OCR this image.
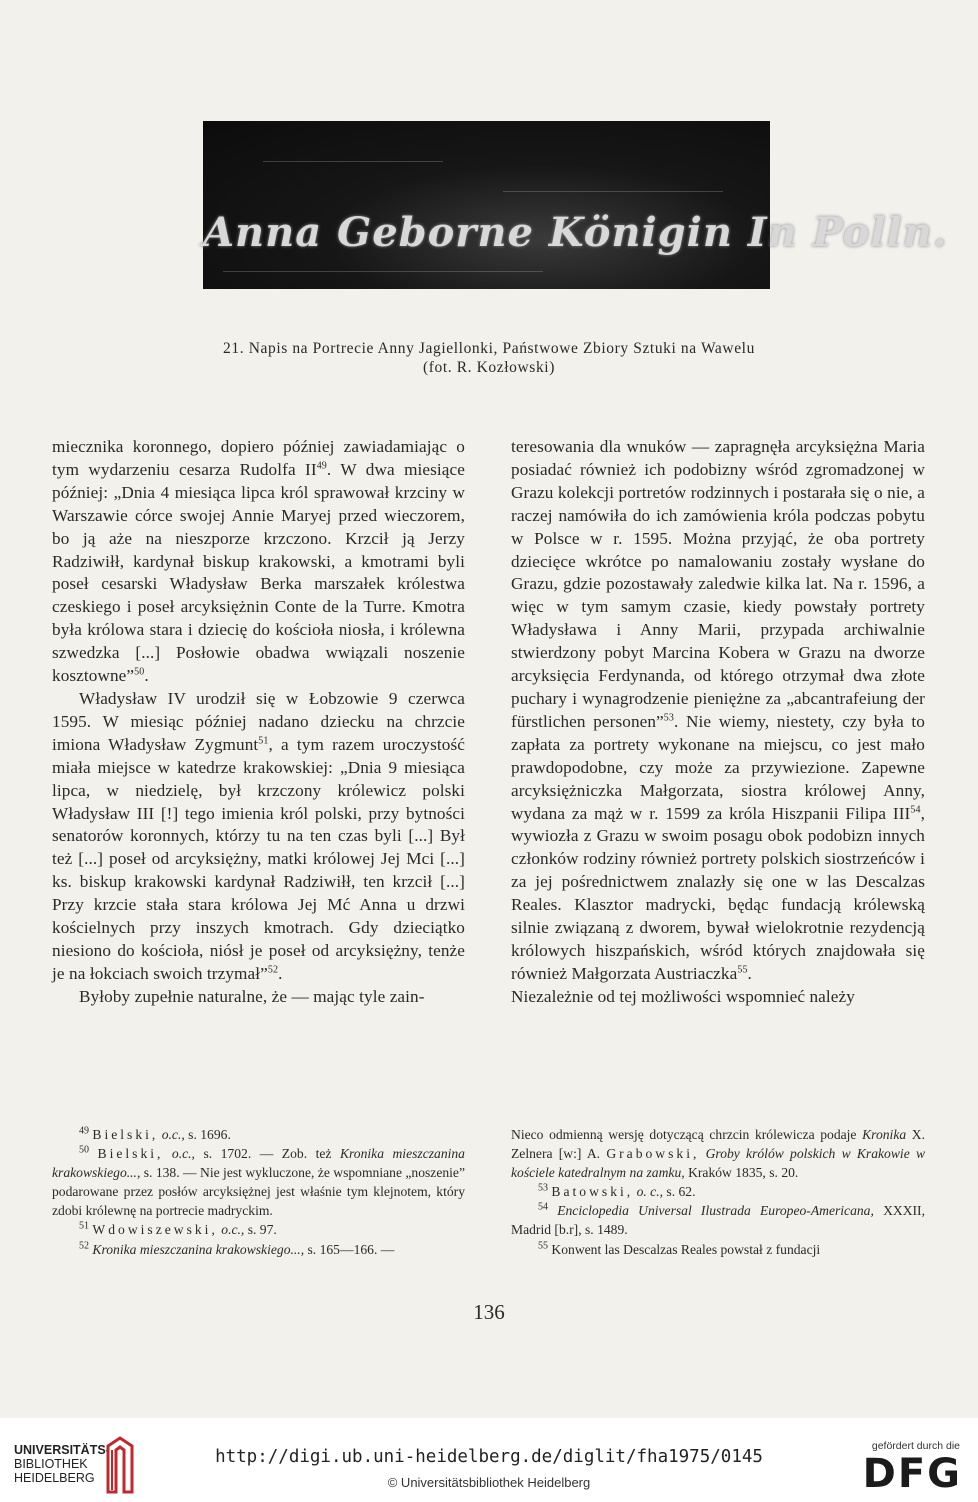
Anna Geborne Königin In Polln.
21. Napis na Portrecie Anny Jagiellonki, Państwowe Zbiory Sztuki na Wawelu
(fot. R. Kozłowski)

miecznika koronnego, dopiero później zawiadamiając o tym wydarzeniu cesarza Rudolfa II$^{49}$. W dwa miesiące później: „Dnia 4 miesiąca lipca król sprawował krzciny w Warszawie córce swojej Annie Maryej przed wieczorem, bo ją aże na nieszporze krzczono. Krzcił ją Jerzy Radziwiłł, kardynał biskup krakowski, a kmotrami byli poseł cesarski Władysław Berka marszałek królestwa czeskiego i poseł arcyksiężnin Conte de la Turre. Kmotra była królowa stara i dziecię do kościoła niosła, i królewna szwedzka [...] Posłowie obadwa wwiązali noszenie kosztowne”$^{50}$.

Władysław IV urodził się w Łobzowie 9 czerwca 1595. W miesiąc później nadano dziecku na chrzcie imiona Władysław Zygmunt$^{51}$, a tym razem uroczystość miała miejsce w katedrze krakowskiej: „Dnia 9 miesiąca lipca, w niedzielę, był krzczony królewicz polski Władysław III [!] tego imienia król polski, przy bytności senatorów koronnych, którzy tu na ten czas byli [...] Był też [...] poseł od arcyksiężny, matki królowej Jej Mci [...] ks. biskup krakowski kardynał Radziwiłł, ten krzcił [...] Przy krzcie stała stara królowa Jej Mć Anna u drzwi kościelnych przy inszych kmotrach. Gdy dzieciątko niesiono do kościoła, niósł je poseł od arcyksiężny, tenże je na łokciach swoich trzymał”$^{52}$.

Byłoby zupełnie naturalne, że — mając tyle zain-

teresowania dla wnuków — zapragnęła arcyksiężna Maria posiadać również ich podobizny wśród zgromadzonej w Grazu kolekcji portretów rodzinnych i postarała się o nie, a raczej namówiła do ich zamówienia króla podczas pobytu w Polsce w r. 1595. Można przyjąć, że oba portrety dziecięce wkrótce po namalowaniu zostały wysłane do Grazu, gdzie pozostawały zaledwie kilka lat. Na r. 1596, a więc w tym samym czasie, kiedy powstały portrety Władysława i Anny Marii, przypada archiwalnie stwierdzony pobyt Marcina Kobera w Grazu na dworze arcyksięcia Ferdynanda, od którego otrzymał dwa złote puchary i wynagrodzenie pieniężne za „abcantrafeiung der fürstlichen personen”$^{53}$. Nie wiemy, niestety, czy była to zapłata za portrety wykonane na miejscu, co jest mało prawdopodobne, czy może za przywiezione. Zapewne arcyksiężniczka Małgorzata, siostra królowej Anny, wydana za mąż w r. 1599 za króla Hiszpanii Filipa III$^{54}$, wywiozła z Grazu w swoim posagu obok podobizn innych członków rodziny również portrety polskich siostrzeńców i za jej pośrednictwem znalazły się one w las Descalzas Reales. Klasztor madrycki, będąc fundacją królewską silnie związaną z dworem, bywał wielokrotnie rezydencją królowych hiszpańskich, wśród których znajdowała się również Małgorzata Austriaczka$^{55}$.

Niezależnie od tej możliwości wspomnieć należy

$^{49}$ Bielski, o.c., s. 1696.

$^{50}$ Bielski, o.c., s. 1702. — Zob. też Kronika mieszczanina krakowskiego..., s. 138. — Nie jest wykluczone, że wspomniane „noszenie” podarowane przez posłów arcyksiężnej jest właśnie tym klejnotem, który zdobi królewnę na portrecie madryckim.

$^{51}$ Wdowiszewski, o.c., s. 97.

$^{52}$ Kronika mieszczanina krakowskiego..., s. 165—166. —

Nieco odmienną wersję dotyczącą chrzcin królewicza podaje Kronika X. Zelnera [w:] A. Grabowski, Groby królów polskich w Krakowie w kościele katedralnym na zamku, Kraków 1835, s. 20.

$^{53}$ Batowski, o. c., s. 62.

$^{54}$ Enciclopedia Universal Ilustrada Europeo-Americana, XXXII, Madrid [b.r], s. 1489.

$^{55}$ Konwent las Descalzas Reales powstał z fundacji

136
UNIVERSITÄTS-
BIBLIOTHEK
HEIDELBERG
http://digi.ub.uni-heidelberg.de/diglit/fha1975/0145
© Universitätsbibliothek Heidelberg
gefördert durch die
DFG
